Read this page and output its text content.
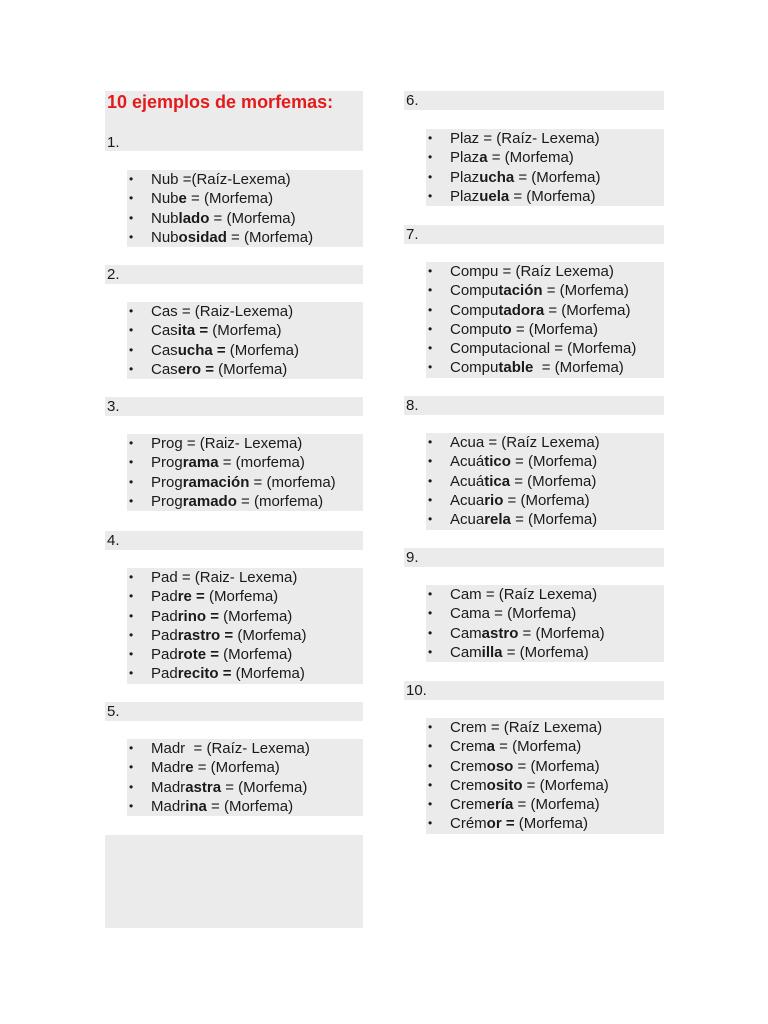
10 ejemplos de morfemas:
1.
• Nub =(Raíz-Lexema)
• Nube = (Morfema)
• Nublado = (Morfema)
• Nubosidad = (Morfema)
2.
• Cas = (Raiz-Lexema)
• Casita = (Morfema)
• Casucha = (Morfema)
• Casero = (Morfema)
3.
• Prog = (Raiz- Lexema)
• Programa = (morfema)
• Programación = (morfema)
• Programado = (morfema)
4.
• Pad = (Raiz- Lexema)
• Padre = (Morfema)
• Padrino = (Morfema)
• Padrastro = (Morfema)
• Padrote = (Morfema)
• Padrecito = (Morfema)
5.
• Madr  = (Raíz- Lexema)
• Madre = (Morfema)
• Madrastra = (Morfema)
• Madrina = (Morfema)
6.
• Plaz = (Raíz- Lexema)
• Plaza = (Morfema)
• Plazucha = (Morfema)
• Plazuela = (Morfema)
7.
• Compu = (Raíz Lexema)
• Computación = (Morfema)
• Computadora = (Morfema)
• Computo = (Morfema)
• Computacional = (Morfema)
• Computable  = (Morfema)
8.
• Acua = (Raíz Lexema)
• Acuático = (Morfema)
• Acuática = (Morfema)
• Acuario = (Morfema)
• Acuarela = (Morfema)
9.
• Cam = (Raíz Lexema)
• Cama = (Morfema)
• Camastro = (Morfema)
• Camilla = (Morfema)
10.
• Crem = (Raíz Lexema)
• Crema = (Morfema)
• Cremoso = (Morfema)
• Cremosito = (Morfema)
• Cremería = (Morfema)
• Crémor = (Morfema)
